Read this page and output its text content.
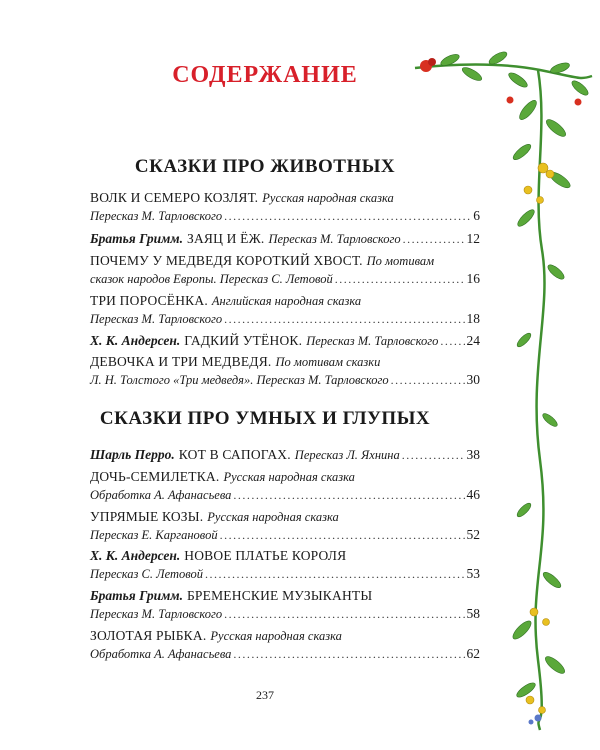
СОДЕРЖАНИЕ
СКАЗКИ ПРО ЖИВОТНЫХ
ВОЛК И СЕМЕРО КОЗЛЯТ. Русская народная сказка
Пересказ М. Тарловского .....	6
Братья Гримм. ЗАЯЦ И ЁЖ. Пересказ М. Тарловского .....	12
ПОЧЕМУ У МЕДВЕДЯ КОРОТКИЙ ХВОСТ. По мотивам
сказок народов Европы. Пересказ С. Летовой .....	16
ТРИ ПОРОСЁНКА. Английская народная сказка
Пересказ М. Тарловского .....	18
Х. К. Андерсен. ГАДКИЙ УТЁНОК. Пересказ М. Тарловского ..... 24
ДЕВОЧКА И ТРИ МЕДВЕДЯ. По мотивам сказки
Л. Н. Толстого «Три медведя». Пересказ М. Тарловского .....	30
СКАЗКИ ПРО УМНЫХ И ГЛУПЫХ
Шарль Перро. КОТ В САПОГАХ. Пересказ Л. Яхнина .....	38
ДОЧЬ-СЕМИЛЕТКА. Русская народная сказка
Обработка А. Афанасьева .....	46
УПРЯМЫЕ КОЗЫ. Русская народная сказка
Пересказ Е. Каргановой .....	52
Х. К. Андерсен. НОВОЕ ПЛАТЬЕ КОРОЛЯ
Пересказ С. Летовой .....	53
Братья Гримм. БРЕМЕНСКИЕ МУЗЫКАНТЫ
Пересказ М. Тарловского .....	58
ЗОЛОТАЯ РЫБКА. Русская народная сказка
Обработка А. Афанасьева .....	62
237
